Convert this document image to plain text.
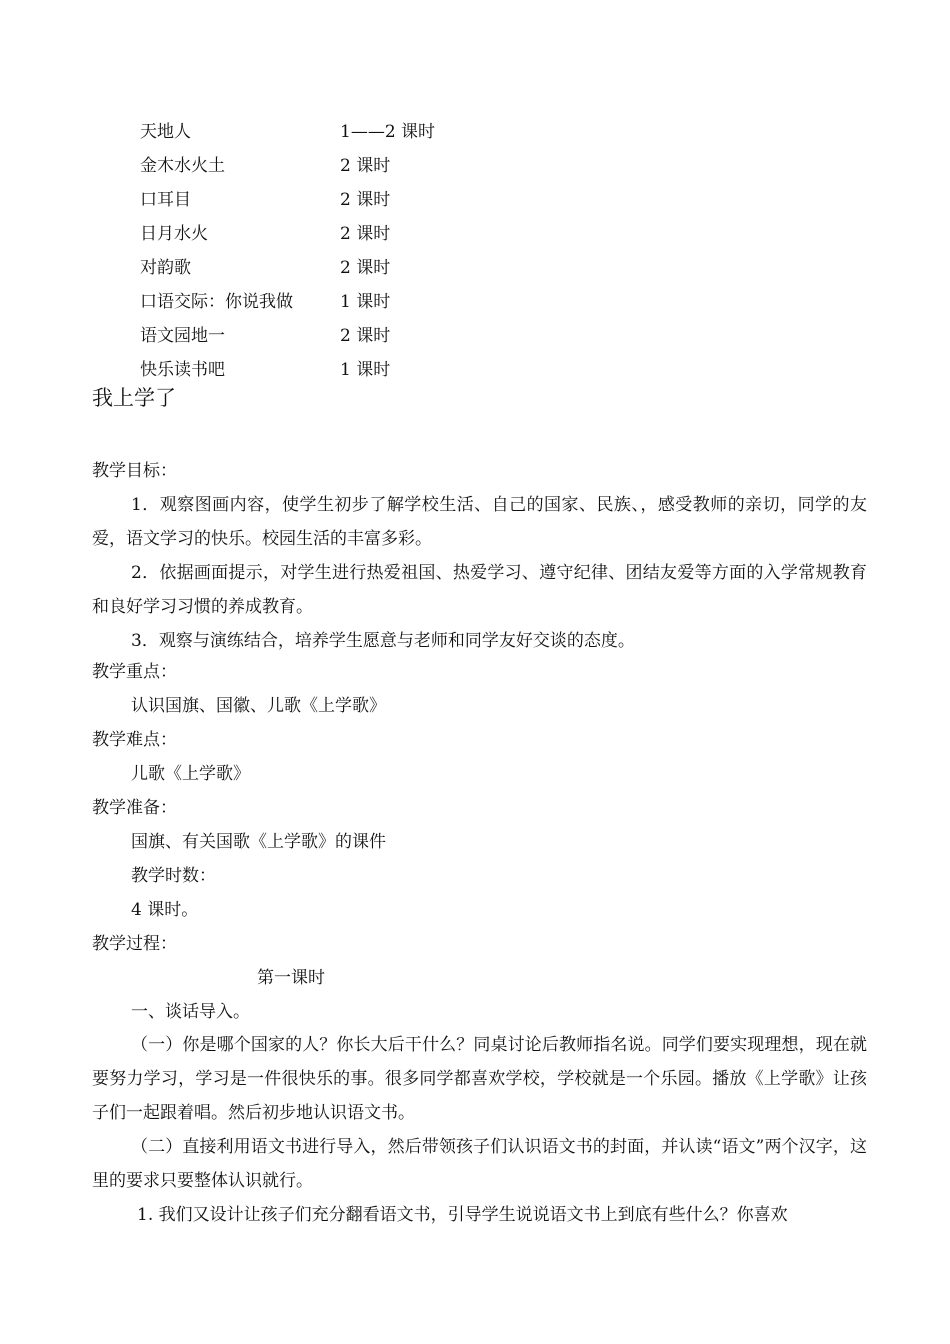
天地人	1——2 课时
金木水火土	2 课时
口耳目	2 课时
日月水火	2 课时
对韵歌	2 课时
口语交际：你说我做	1 课时
语文园地一	2 课时
快乐读书吧	1 课时
我上学了
教学目标：
1．观察图画内容，使学生初步了解学校生活、自己的国家、民族、，感受教师的亲切，同学的友爱，语文学习的快乐。校园生活的丰富多彩。
2．依据画面提示，对学生进行热爱祖国、热爱学习、遵守纪律、团结友爱等方面的入学常规教育和良好学习习惯的养成教育。
3．观察与演练结合，培养学生愿意与老师和同学友好交谈的态度。
教学重点：
认识国旗、国徽、儿歌《上学歌》
教学难点：
儿歌《上学歌》
教学准备：
国旗、有关国歌《上学歌》的课件
教学时数：
4 课时。
教学过程：
第一课时
一、谈话导入。
（一）你是哪个国家的人？你长大后干什么？同桌讨论后教师指名说。同学们要实现理想，现在就要努力学习，学习是一件很快乐的事。很多同学都喜欢学校，学校就是一个乐园。播放《上学歌》让孩子们一起跟着唱。然后初步地认识语文书。
（二）直接利用语文书进行导入，然后带领孩子们认识语文书的封面，并认读“语文”两个汉字，这里的要求只要整体认识就行。
1. 我们又设计让孩子们充分翻看语文书，引导学生说说语文书上到底有些什么？你喜欢
